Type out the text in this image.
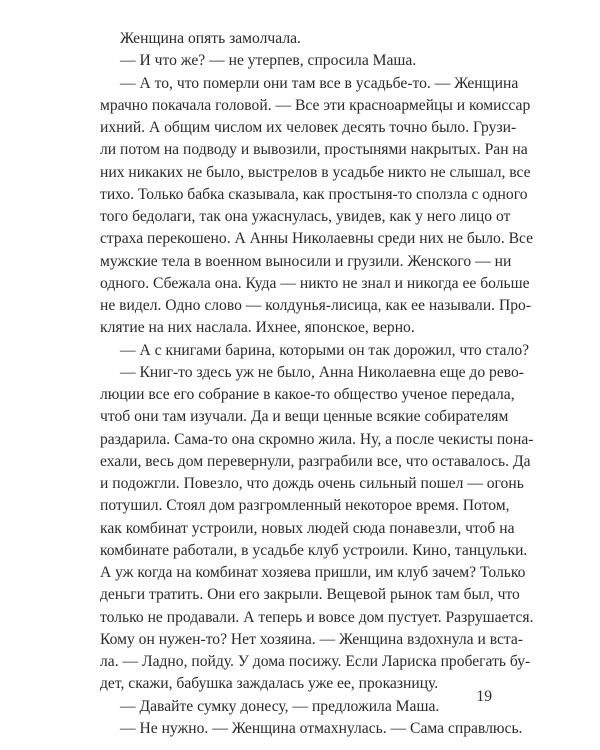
Женщина опять замолчала.

— И что же? — не утерпев, спросила Маша.

— А то, что померли они там все в усадьбе-то. — Женщина
мрачно покачала головой. — Все эти красноармейцы и комиссар
ихний. А общим числом их человек десять точно было. Грузи-
ли потом на подводу и вывозили, простынями накрытых. Ран на
них никаких не было, выстрелов в усадьбе никто не слышал, все
тихо. Только бабка сказывала, как простыня-то сползла с одного
того бедолаги, так она ужаснулась, увидев, как у него лицо от
страха перекошено. А Анны Николаевны среди них не было. Все
мужские тела в военном выносили и грузили. Женского — ни
одного. Сбежала она. Куда — никто не знал и никогда ее больше
не видел. Одно слово — колдунья-лисица, как ее называли. Про-
клятие на них наслала. Ихнее, японское, верно.

— А с книгами барина, которыми он так дорожил, что стало?

— Книг-то здесь уж не было, Анна Николаевна еще до рево-
люции все его собрание в какое-то общество ученое передала,
чтоб они там изучали. Да и вещи ценные всякие собирателям
раздарила. Сама-то она скромно жила. Ну, а после чекисты пона-
ехали, весь дом перевернули, разграбили все, что оставалось. Да
и подожгли. Повезло, что дождь очень сильный пошел — огонь
потушил. Стоял дом разгромленный некоторое время. Потом,
как комбинат устроили, новых людей сюда понавезли, чтоб на
комбинате работали, в усадьбе клуб устроили. Кино, танцульки.
А уж когда на комбинат хозяева пришли, им клуб зачем? Только
деньги тратить. Они его закрыли. Вещевой рынок там был, что
только не продавали. А теперь и вовсе дом пустует. Разрушается.
Кому он нужен-то? Нет хозяина. — Женщина вздохнула и вста-
ла. — Ладно, пойду. У дома посижу. Если Лариска пробегать бу-
дет, скажи, бабушка заждалась уже ее, проказницу.

— Давайте сумку донесу, — предложила Маша.

— Не нужно. — Женщина отмахнулась. — Сама справлюсь.

19
